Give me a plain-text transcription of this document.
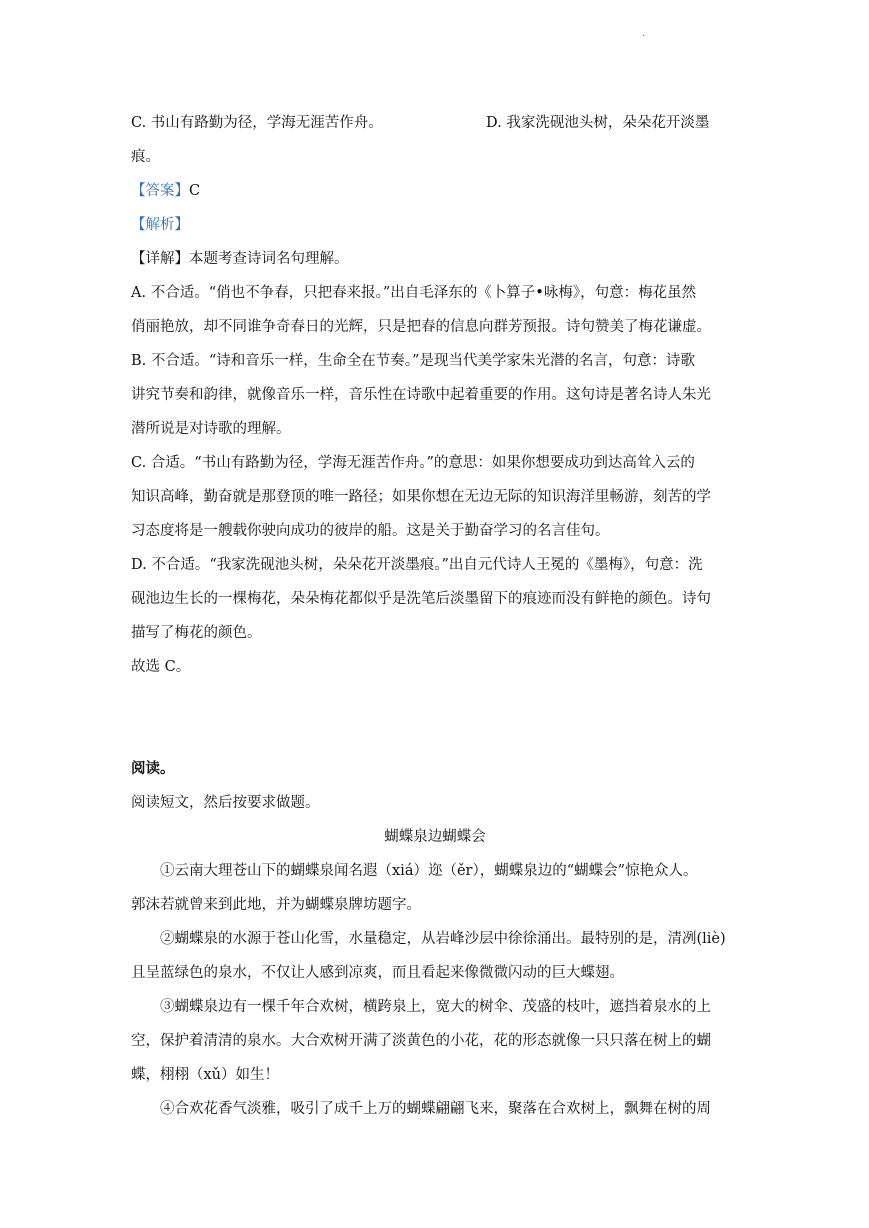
.
C. 书山有路勤为径，学海无涯苦作舟。	D. 我家洗砚池头树，朵朵花开淡墨
痕。
【答案】C
【解析】
【详解】本题考查诗词名句理解。
A. 不合适。“俏也不争春，只把春来报。”出自毛泽东的《卜算子•咏梅》，句意：梅花虽然
俏丽艳放，却不同谁争奇春日的光辉，只是把春的信息向群芳预报。诗句赞美了梅花谦虚。
B. 不合适。“诗和音乐一样，生命全在节奏。”是现当代美学家朱光潜的名言，句意：诗歌
讲究节奏和韵律，就像音乐一样，音乐性在诗歌中起着重要的作用。这句诗是著名诗人朱光
潜所说是对诗歌的理解。
C. 合适。“书山有路勤为径，学海无涯苦作舟。”的意思：如果你想要成功到达高耸入云的
知识高峰，勤奋就是那登顶的唯一路径；如果你想在无边无际的知识海洋里畅游，刻苦的学
习态度将是一艘载你驶向成功的彼岸的船。这是关于勤奋学习的名言佳句。
D. 不合适。“我家洗砚池头树，朵朵花开淡墨痕。”出自元代诗人王冕的《墨梅》，句意：洗
砚池边生长的一棵梅花，朵朵梅花都似乎是洗笔后淡墨留下的痕迹而没有鲜艳的颜色。诗句
描写了梅花的颜色。
故选 C。
阅读。
阅读短文，然后按要求做题。
蝴蝶泉边蝴蝶会
①云南大理苍山下的蝴蝶泉闻名遐（xiá）迩（ěr），蝴蝶泉边的“蝴蝶会”惊艳众人。
郭沫若就曾来到此地，并为蝴蝶泉牌坊题字。
②蝴蝶泉的水源于苍山化雪，水量稳定，从岩峰沙层中徐徐涌出。最特别的是，清冽(liè)
且呈蓝绿色的泉水，不仅让人感到凉爽，而且看起来像微微闪动的巨大蝶翅。
③蝴蝶泉边有一棵千年合欢树，横跨泉上，宽大的树伞、茂盛的枝叶，遮挡着泉水的上
空，保护着清清的泉水。大合欢树开满了淡黄色的小花，花的形态就像一只只落在树上的蝴
蝶，栩栩（xǔ）如生！
④合欢花香气淡雅，吸引了成千上万的蝴蝶翩翩飞来，聚落在合欢树上，飘舞在树的周
